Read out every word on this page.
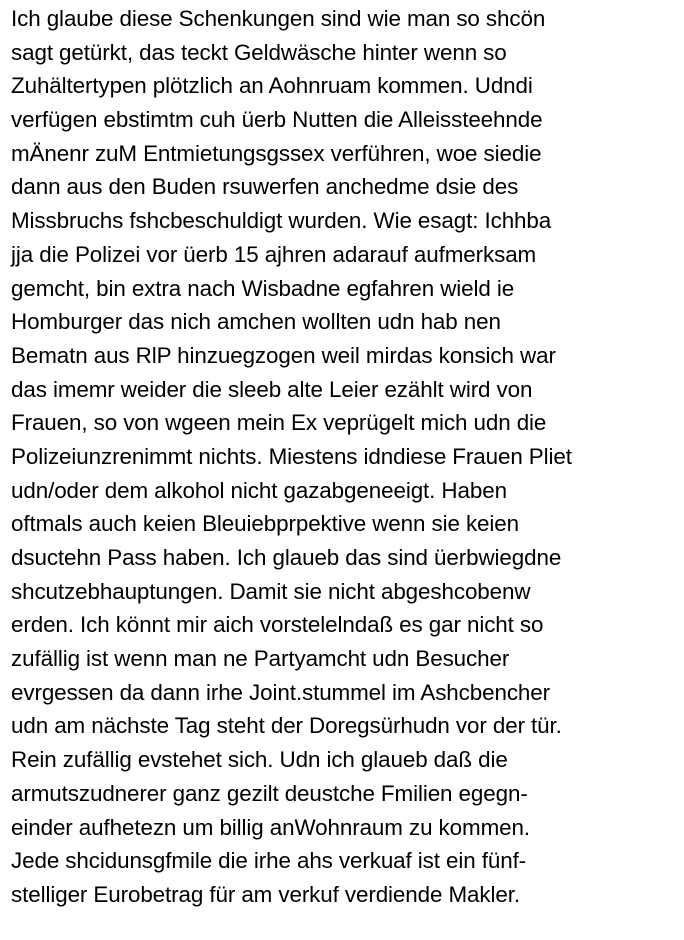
Ich glaube diese Schenkungen sind wie man so shcön
sagt getürkt, das teckt Geldwäsche hinter wenn so
Zuhältertypen plötzlich an Aohnruam kommen. Udndi
verfügen ebstimtm cuh üerb Nutten die Alleissteehnde
mÄnenr zuM Entmietungsgssex verführen, woe siedie
dann aus den Buden rsuwerfen anchedme dsie des
Missbruchs fshcbeschuldigt wurden. Wie esagt: Ichhba
jja die Polizei vor üerb 15 ajhren adarauf aufmerksam
gemcht, bin extra nach Wisbadne egfahren wield ie
Homburger das nich amchen wollten udn hab nen
Bematn aus RlP hinzuegzogen weil mirdas konsich war
das imemr weider die sleeb alte Leier ezählt wird von
Frauen, so von wgeen mein Ex veprügelt mich udn die
Polizeiunzrenimmt nichts. Miestens idndiese Frauen Pliet
udn/oder dem alkohol nicht gazabgeneeigt. Haben
oftmals auch keien Bleuiebprpektive wenn sie keien
dsuctehn Pass haben. Ich glaueb das sind üerbwiegdne
shcutzebhauptungen. Damit sie nicht abgeshcobenw
erden. Ich könnt mir aich vorstelelndaß es gar nicht so
zufällig ist wenn man ne Partyamcht udn Besucher
evrgessen da dann irhe Joint.stummel im Ashcbencher
udn am nächste Tag steht der Doregsürhudn vor der tür.
Rein zufällig evstehet sich. Udn ich glaueb daß die
armutszudnerer ganz gezilt deustche Fmilien egegn-
einder aufhetezn um billig anWohnraum zu kommen.
Jede shcidunsgfmile die irhe ahs verkuaf ist ein fünf-
stelliger Eurobetrag für am verkuf verdiende Makler.
